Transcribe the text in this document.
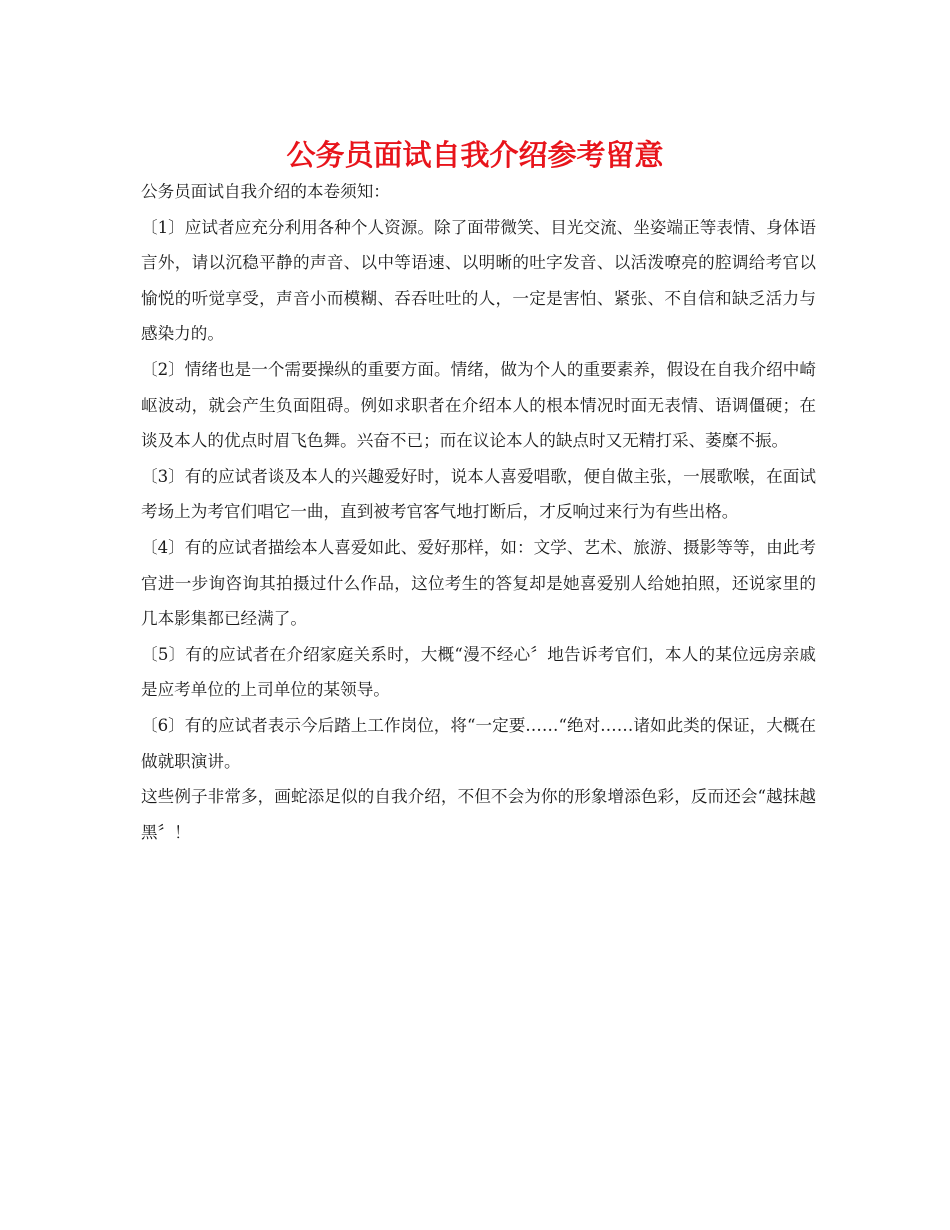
公务员面试自我介绍参考留意

公务员面试自我介绍的本卷须知：

〔1〕应试者应充分利用各种个人资源。除了面带微笑、目光交流、坐姿端正等表情、身体语言外，请以沉稳平静的声音、以中等语速、以明晰的吐字发音、以活泼嘹亮的腔调给考官以愉悦的听觉享受，声音小而模糊、吞吞吐吐的人，一定是害怕、紧张、不自信和缺乏活力与感染力的。

〔2〕情绪也是一个需要操纵的重要方面。情绪，做为个人的重要素养，假设在自我介绍中崎岖波动，就会产生负面阻碍。例如求职者在介绍本人的根本情况时面无表情、语调僵硬；在谈及本人的优点时眉飞色舞。兴奋不已；而在议论本人的缺点时又无精打采、萎糜不振。

〔3〕有的应试者谈及本人的兴趣爱好时，说本人喜爱唱歌，便自做主张，一展歌喉，在面试考场上为考官们唱它一曲，直到被考官客气地打断后，才反响过来行为有些出格。

〔4〕有的应试者描绘本人喜爱如此、爱好那样，如：文学、艺术、旅游、摄影等等，由此考官进一步询咨询其拍摄过什么作品，这位考生的答复却是她喜爱别人给她拍照，还说家里的几本影集都已经满了。

〔5〕有的应试者在介绍家庭关系时，大概“漫不经心〞地告诉考官们，本人的某位远房亲戚是应考单位的上司单位的某领导。

〔6〕有的应试者表示今后踏上工作岗位，将“一定要……“绝对……诸如此类的保证，大概在做就职演讲。

这些例子非常多，画蛇添足似的自我介绍，不但不会为你的形象增添色彩，反而还会“越抹越黑〞！
